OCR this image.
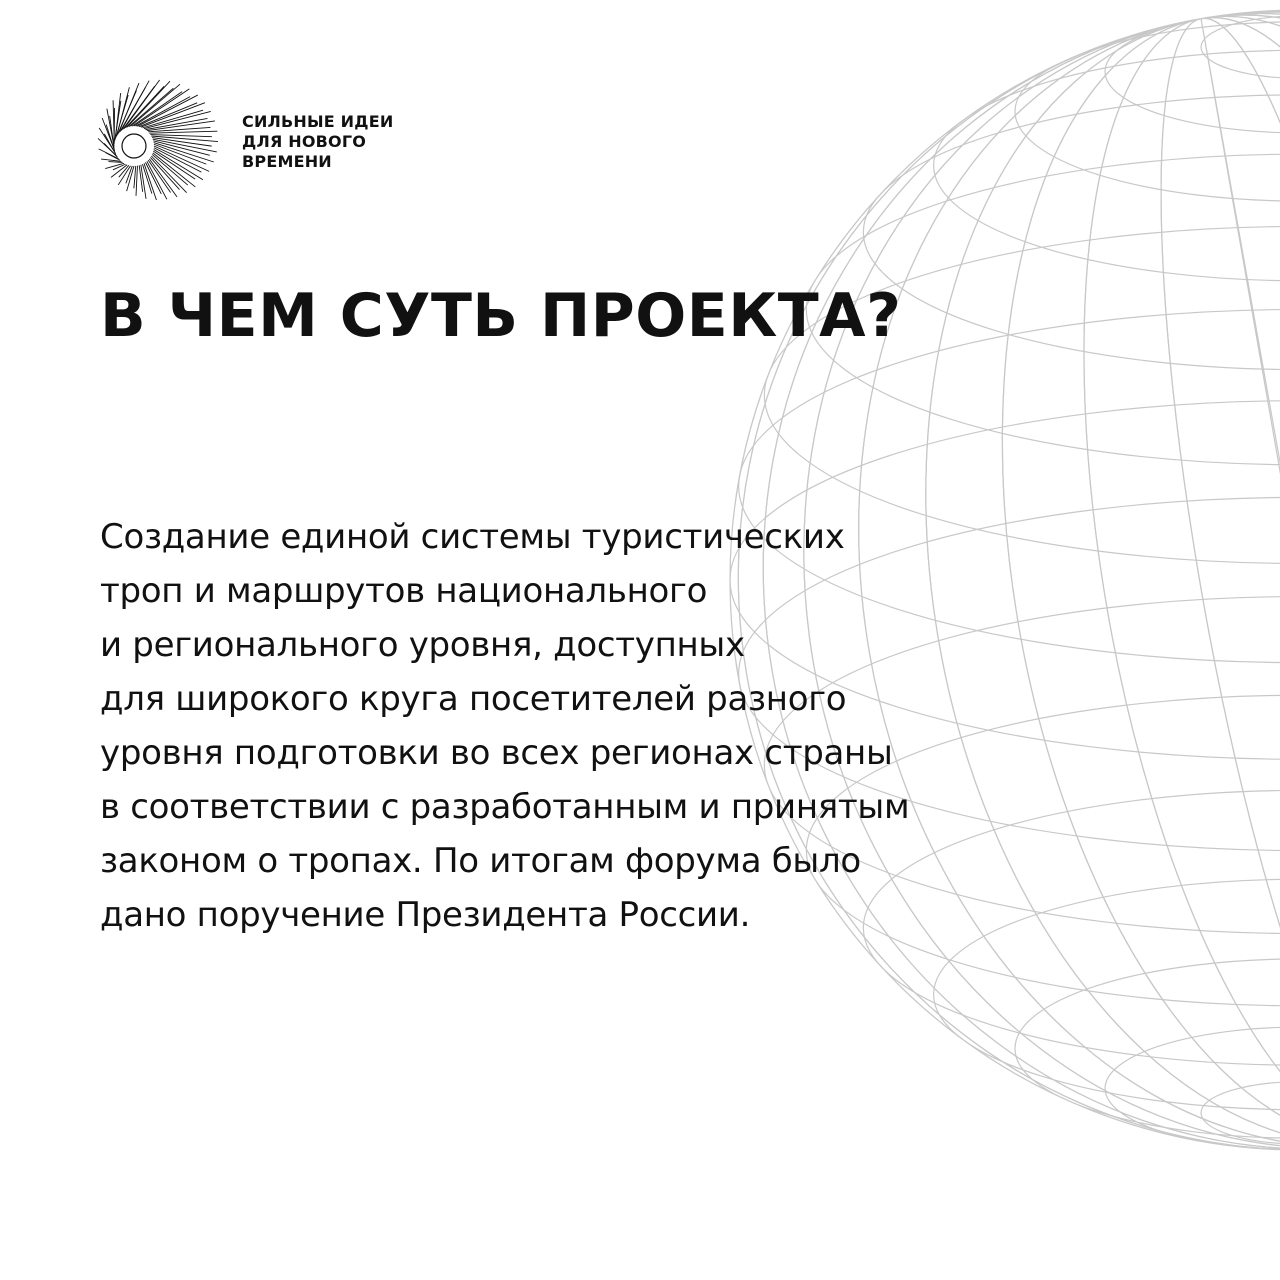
СИЛЬНЫЕ ИДЕИ
ДЛЯ НОВОГО
ВРЕМЕНИ
В ЧЕМ СУТЬ ПРОЕКТА?

Создание единой системы туристических
троп и маршрутов национального
и регионального уровня, доступных
для широкого круга посетителей разного
уровня подготовки во всех регионах страны
в соответствии с разработанным и принятым
законом о тропах. По итогам форума было
дано поручение Президента России.
